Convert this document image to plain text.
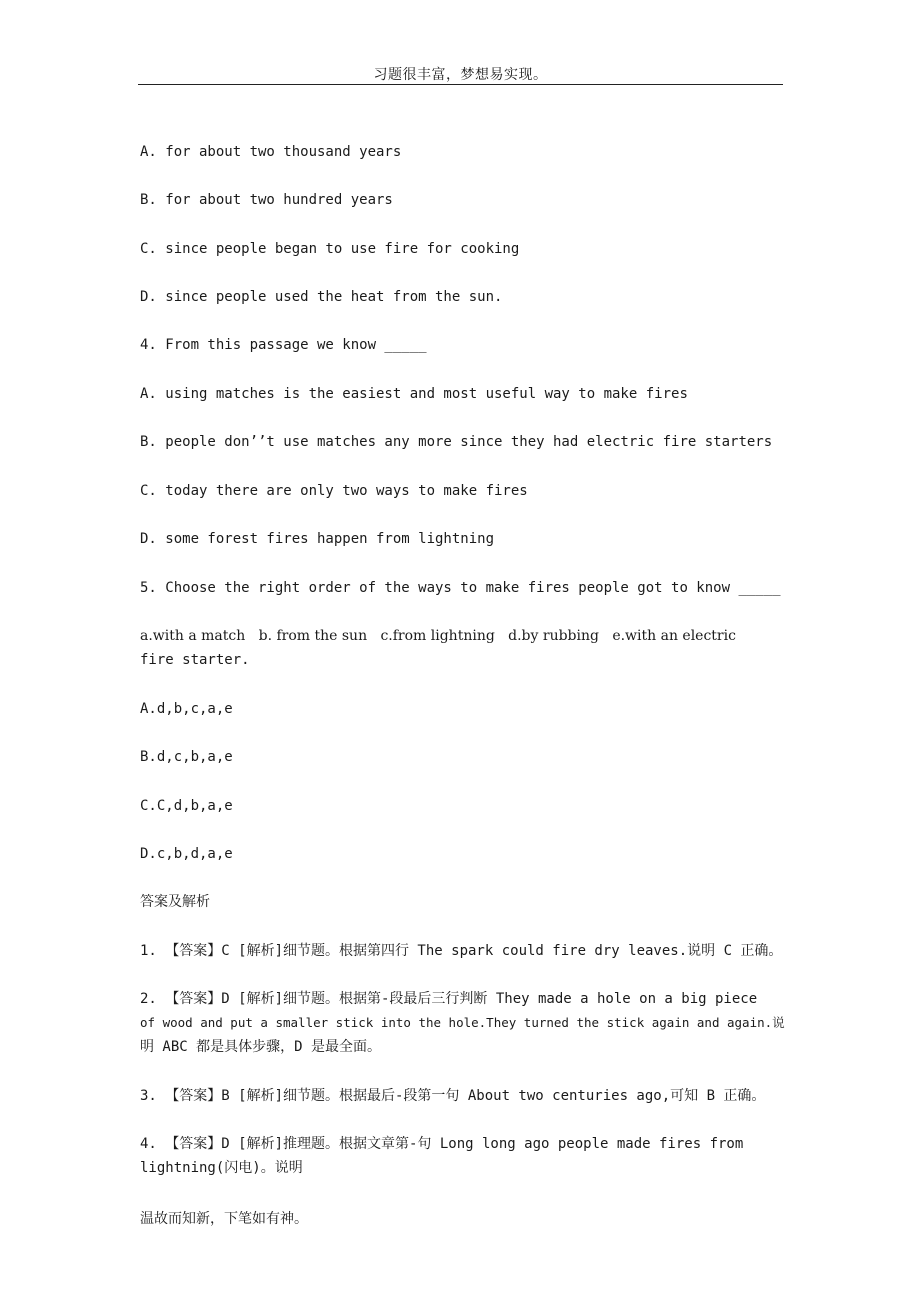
习题很丰富，梦想易实现。
A. for about two thousand years
B. for about two hundred years
C. since people began to use fire for cooking
D. since people used the heat from the sun.
4. From this passage we know _____
A. using matches is the easiest and most useful way to make fires
B. people don’’t use matches any more since they had electric fire starters
C. today there are only two ways to make fires
D. some forest fires happen from lightning
5. Choose the right order of the ways to make fires people got to know _____
a.with a match   b. from the sun   c.from lightning   d.by rubbing   e.with an electric
fire starter.
A.d,b,c,a,e
B.d,c,b,a,e
C.C,d,b,a,e
D.c,b,d,a,e
答案及解析
1. 【答案】C [解析]细节题。根据第四行 The spark could fire dry leaves.说明 C 正确。
2. 【答案】D [解析]细节题。根据第-段最后三行判断 They made a hole on a big piece
of wood and put a smaller stick into the hole.They turned the stick again and again.说
明 ABC 都是具体步骤，D 是最全面。
3. 【答案】B [解析]细节题。根据最后-段第一句 About two centuries ago,可知 B 正确。
4. 【答案】D [解析]推理题。根据文章第-句 Long long ago people made fires from
lightning(闪电)。说明
温故而知新，下笔如有神。
